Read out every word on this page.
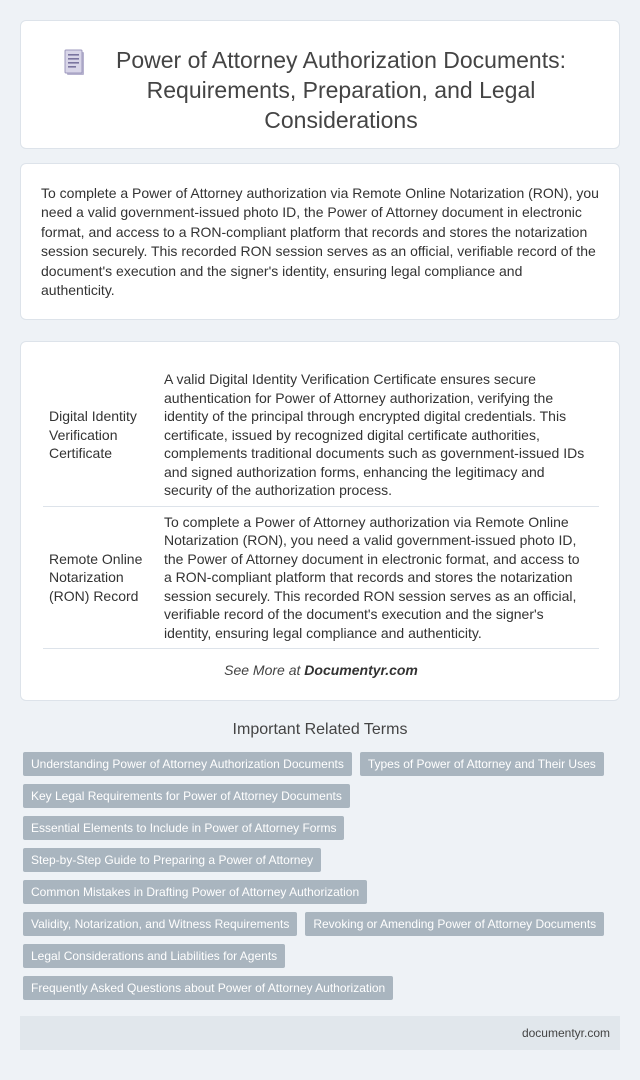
Power of Attorney Authorization Documents: Requirements, Preparation, and Legal Considerations

To complete a Power of Attorney authorization via Remote Online Notarization (RON), you need a valid government-issued photo ID, the Power of Attorney document in electronic format, and access to a RON-compliant platform that records and stores the notarization session securely. This recorded RON session serves as an official, verifiable record of the document's execution and the signer's identity, ensuring legal compliance and authenticity.

Digital Identity Verification Certificate	A valid Digital Identity Verification Certificate ensures secure authentication for Power of Attorney authorization, verifying the identity of the principal through encrypted digital credentials. This certificate, issued by recognized digital certificate authorities, complements traditional documents such as government-issued IDs and signed authorization forms, enhancing the legitimacy and security of the authorization process.
Remote Online Notarization (RON) Record	To complete a Power of Attorney authorization via Remote Online Notarization (RON), you need a valid government-issued photo ID, the Power of Attorney document in electronic format, and access to a RON-compliant platform that records and stores the notarization session securely. This recorded RON session serves as an official, verifiable record of the document's execution and the signer's identity, ensuring legal compliance and authenticity.
See More at Documentyr.com
Important Related Terms
Understanding Power of Attorney Authorization Documents	Types of Power of Attorney and Their Uses
Key Legal Requirements for Power of Attorney Documents
Essential Elements to Include in Power of Attorney Forms
Step-by-Step Guide to Preparing a Power of Attorney
Common Mistakes in Drafting Power of Attorney Authorization
Validity, Notarization, and Witness Requirements	Revoking or Amending Power of Attorney Documents
Legal Considerations and Liabilities for Agents
Frequently Asked Questions about Power of Attorney Authorization
documentyr.com
